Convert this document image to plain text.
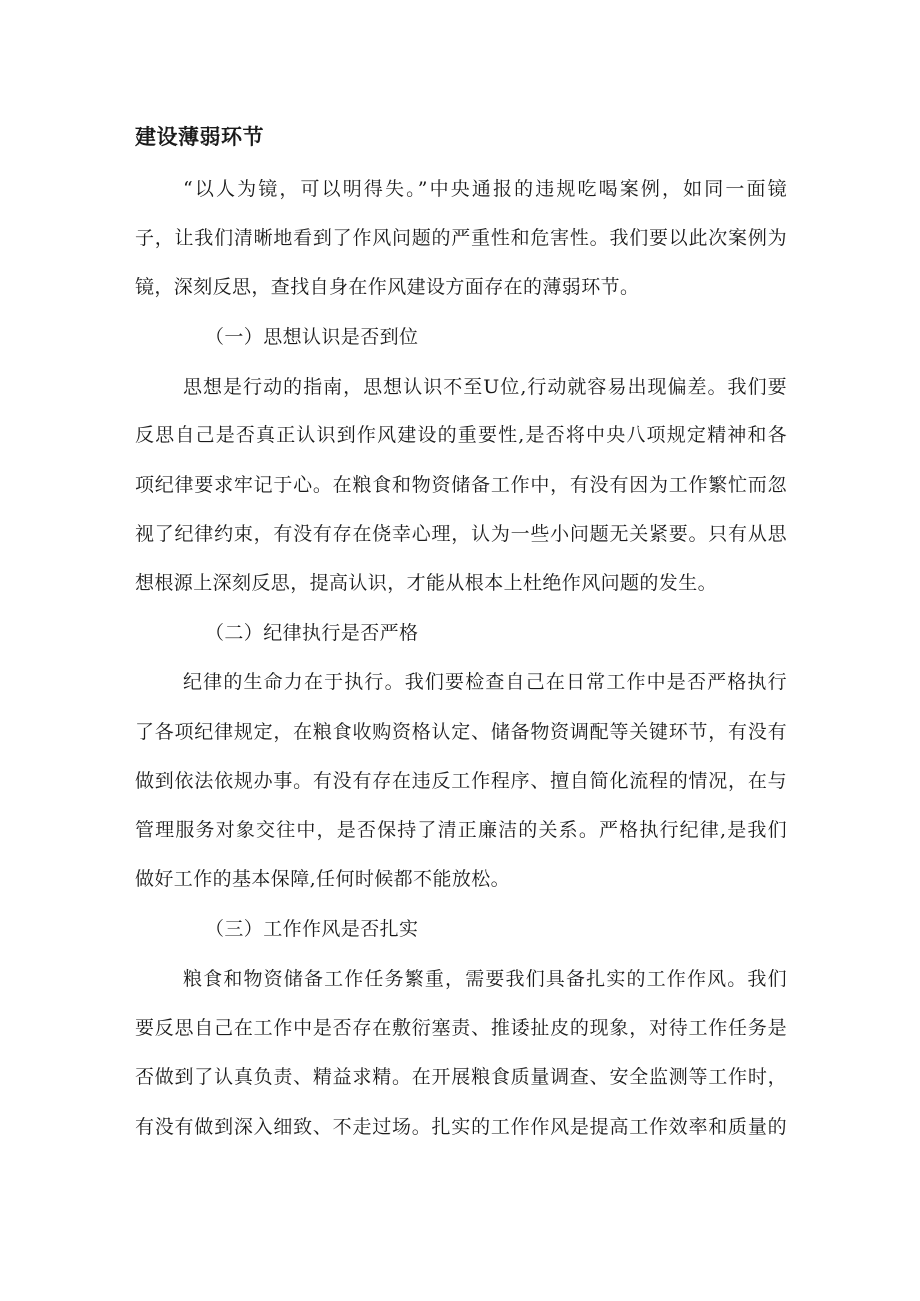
建设薄弱环节

“以人为镜，可以明得失。”中央通报的违规吃喝案例，如同一面镜

子，让我们清晰地看到了作风问题的严重性和危害性。我们要以此次案例为

镜，深刻反思，查找自身在作风建设方面存在的薄弱环节。

（一）思想认识是否到位

思想是行动的指南，思想认识不至U位,行动就容易出现偏差。我们要

反思自己是否真正认识到作风建设的重要性,是否将中央八项规定精神和各

项纪律要求牢记于心。在粮食和物资储备工作中，有没有因为工作繁忙而忽

视了纪律约束，有没有存在侥幸心理，认为一些小问题无关紧要。只有从思

想根源上深刻反思，提高认识，才能从根本上杜绝作风问题的发生。

（二）纪律执行是否严格

纪律的生命力在于执行。我们要检查自己在日常工作中是否严格执行

了各项纪律规定，在粮食收购资格认定、储备物资调配等关键环节，有没有

做到依法依规办事。有没有存在违反工作程序、擅自简化流程的情况，在与

管理服务对象交往中，是否保持了清正廉洁的关系。严格执行纪律,是我们

做好工作的基本保障,任何时候都不能放松。

（三）工作作风是否扎实

粮食和物资储备工作任务繁重，需要我们具备扎实的工作作风。我们

要反思自己在工作中是否存在敷衍塞责、推诿扯皮的现象，对待工作任务是

否做到了认真负责、精益求精。在开展粮食质量调查、安全监测等工作时，

有没有做到深入细致、不走过场。扎实的工作作风是提高工作效率和质量的
